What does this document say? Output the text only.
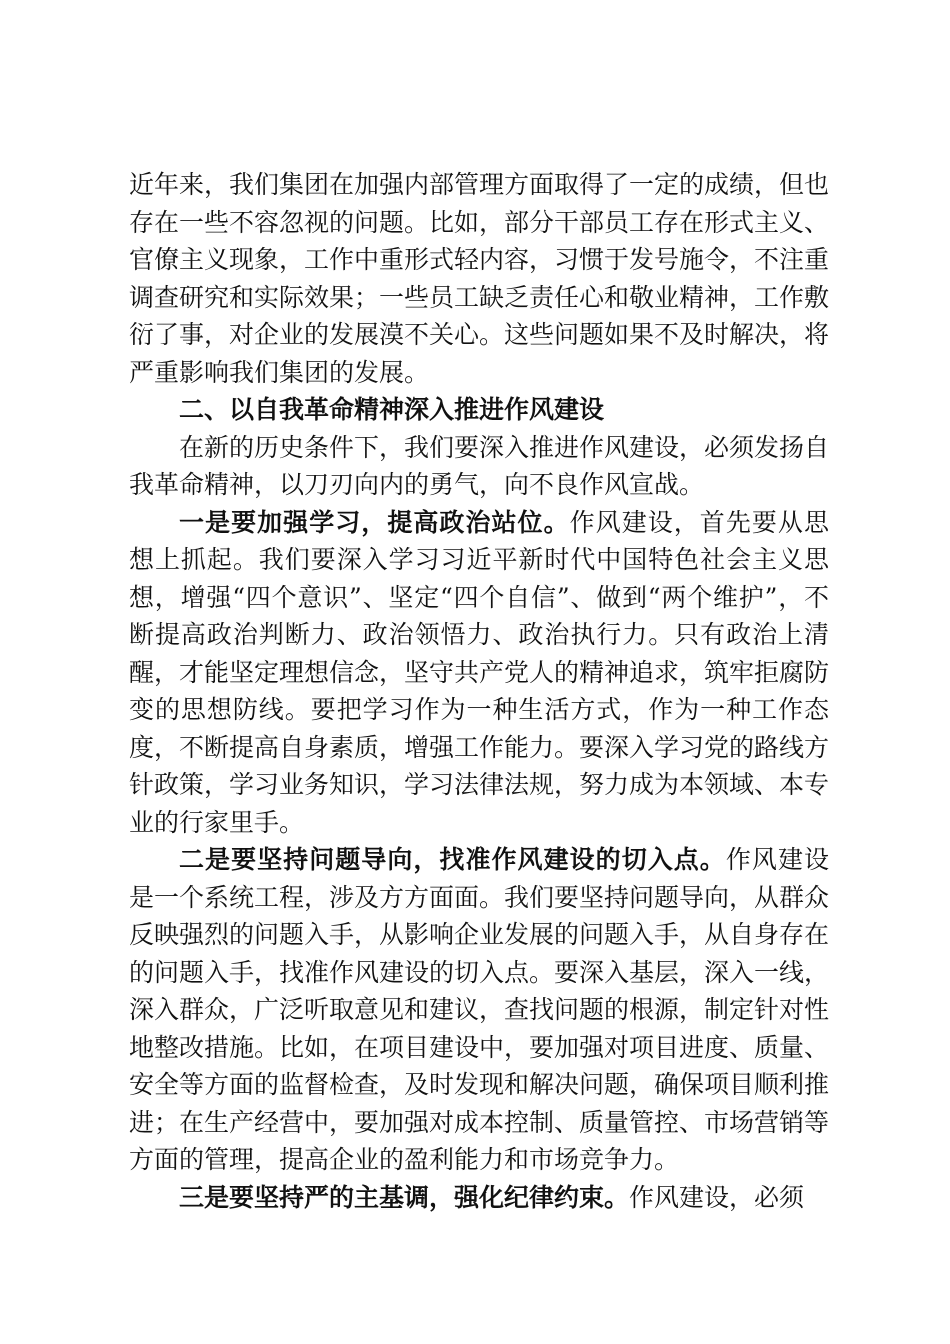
近年来，我们集团在加强内部管理方面取得了一定的成绩，但也存在一些不容忽视的问题。比如，部分干部员工存在形式主义、官僚主义现象，工作中重形式轻内容，习惯于发号施令，不注重调查研究和实际效果；一些员工缺乏责任心和敬业精神，工作敷衍了事，对企业的发展漠不关心。这些问题如果不及时解决，将严重影响我们集团的发展。

二、以自我革命精神深入推进作风建设

在新的历史条件下，我们要深入推进作风建设，必须发扬自我革命精神，以刀刃向内的勇气，向不良作风宣战。

一是要加强学习，提高政治站位。作风建设，首先要从思想上抓起。我们要深入学习习近平新时代中国特色社会主义思想，增强“四个意识”、坚定“四个自信”、做到“两个维护”，不断提高政治判断力、政治领悟力、政治执行力。只有政治上清醒，才能坚定理想信念，坚守共产党人的精神追求，筑牢拒腐防变的思想防线。要把学习作为一种生活方式，作为一种工作态度，不断提高自身素质，增强工作能力。要深入学习党的路线方针政策，学习业务知识，学习法律法规，努力成为本领域、本专业的行家里手。

二是要坚持问题导向，找准作风建设的切入点。作风建设是一个系统工程，涉及方方面面。我们要坚持问题导向，从群众反映强烈的问题入手，从影响企业发展的问题入手，从自身存在的问题入手，找准作风建设的切入点。要深入基层，深入一线，深入群众，广泛听取意见和建议，查找问题的根源，制定针对性地整改措施。比如，在项目建设中，要加强对项目进度、质量、安全等方面的监督检查，及时发现和解决问题，确保项目顺利推进；在生产经营中，要加强对成本控制、质量管控、市场营销等方面的管理，提高企业的盈利能力和市场竞争力。

三是要坚持严的主基调，强化纪律约束。作风建设，必须
